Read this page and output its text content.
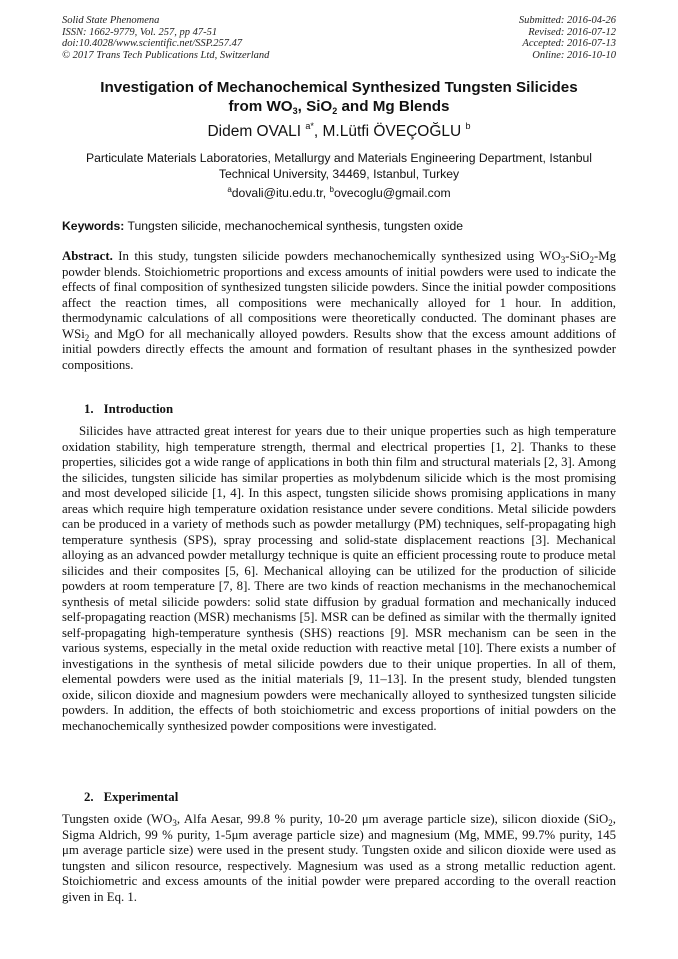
Solid State Phenomena
ISSN: 1662-9779, Vol. 257, pp 47-51
doi:10.4028/www.scientific.net/SSP.257.47
© 2017 Trans Tech Publications Ltd, Switzerland
Submitted: 2016-04-26
Revised: 2016-07-12
Accepted: 2016-07-13
Online: 2016-10-10
Investigation of Mechanochemical Synthesized Tungsten Silicides
from $WO_3$, SiO$_2$ and Mg Blends
Didem OVALI $^{a*}$, M.Lütfi ÖVEÇOĞLU $^b$
Particulate Materials Laboratories, Metallurgy and Materials Engineering Department, Istanbul
Technical University, 34469, Istanbul, Turkey
$^a$dovali@itu.edu.tr, $^b$ovecoglu@gmail.com
Keywords: Tungsten silicide, mechanochemical synthesis, tungsten oxide
Abstract. In this study, tungsten silicide powders mechanochemically synthesized using $WO_3-SiO_2-Mg$ powder blends. Stoichiometric proportions and excess amounts of initial powders were used to indicate the effects of final composition of synthesized tungsten silicide powders. Since the initial powder compositions affect the reaction times, all compositions were mechanically alloyed for 1 hour. In addition, thermodynamic calculations of all compositions were theoretically conducted. The dominant phases are WSi$_2$ and MgO for all mechanically alloyed powders. Results show that the excess amount additions of initial powders directly effects the amount and formation of resultant phases in the synthesized powder compositions.
1. Introduction
Silicides have attracted great interest for years due to their unique properties such as high temperature oxidation stability, high temperature strength, thermal and electrical properties [1, 2]. Thanks to these properties, silicides got a wide range of applications in both thin film and structural materials [2, 3]. Among the silicides, tungsten silicide has similar properties as molybdenum silicide which is the most promising and most developed silicide [1, 4]. In this aspect, tungsten silicide shows promising applications in many areas which require high temperature oxidation resistance under severe conditions. Metal silicide powders can be produced in a variety of methods such as powder metallurgy (PM) techniques, self-propagating high temperature synthesis (SPS), spray processing and solid-state displacement reactions [3]. Mechanical alloying as an advanced powder metallurgy technique is quite an efficient processing route to produce metal silicides and their composites [5, 6]. Mechanical alloying can be utilized for the production of silicide powders at room temperature [7, 8]. There are two kinds of reaction mechanisms in the mechanochemical synthesis of metal silicide powders: solid state diffusion by gradual formation and mechanically induced self-propagating reaction (MSR) mechanisms [5]. MSR can be defined as similar with the thermally ignited self-propagating high-temperature synthesis (SHS) reactions [9]. MSR mechanism can be seen in the various systems, especially in the metal oxide reduction with reactive metal [10]. There exists a number of investigations in the synthesis of metal silicide powders due to their unique properties. In all of them, elemental powders were used as the initial materials [9, 11–13]. In the present study, blended tungsten oxide, silicon dioxide and magnesium powders were mechanically alloyed to synthesized tungsten silicide powders. In addition, the effects of both stoichiometric and excess proportions of initial powders on the mechanochemically synthesized powder compositions were investigated.
2. Experimental
Tungsten oxide ($WO_3$, Alfa Aesar, 99.8 % purity, 10-20 μm average particle size), silicon dioxide (SiO$_2$, Sigma Aldrich, 99 % purity, 1-5μm average particle size) and magnesium (Mg, MME, 99.7% purity, 145 μm average particle size) were used in the present study. Tungsten oxide and silicon dioxide were used as tungsten and silicon resource, respectively. Magnesium was used as a strong metallic reduction agent. Stoichiometric and excess amounts of the initial powder were prepared according to the overall reaction given in Eq. 1.
